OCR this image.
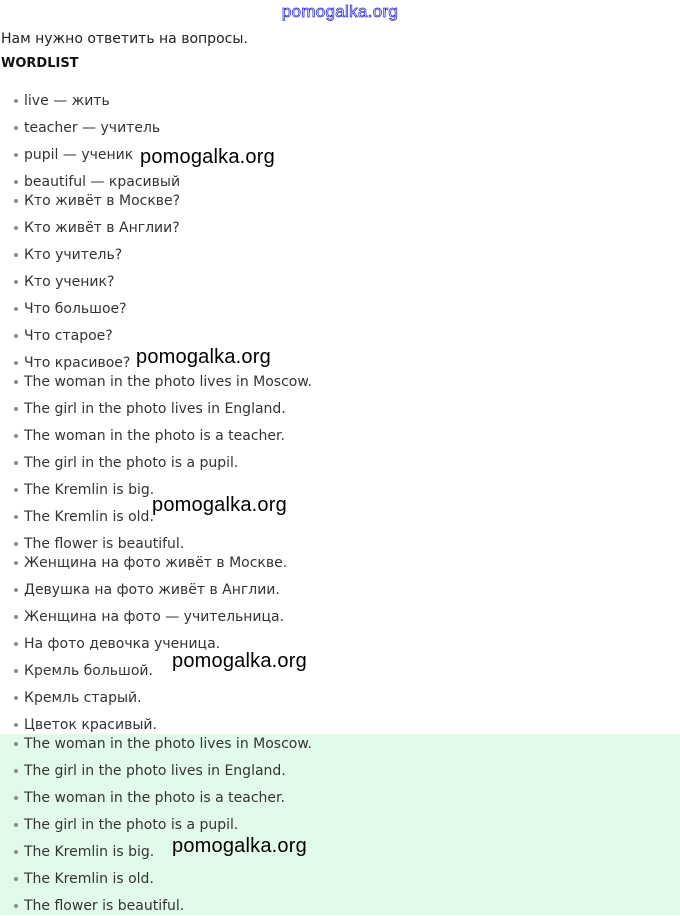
pomogalka.org
Нам нужно ответить на вопросы.
WORDLIST
live — жить
teacher — учитель
pupil — ученик
beautiful — красивый
Кто живёт в Москве?
Кто живёт в Англии?
Кто учитель?
Кто ученик?
Что большое?
Что старое?
Что красивое?
The woman in the photo lives in Moscow.
The girl in the photo lives in England.
The woman in the photo is a teacher.
The girl in the photo is a pupil.
The Kremlin is big.
The Kremlin is old.
The flower is beautiful.
Женщина на фото живёт в Москве.
Девушка на фото живёт в Англии.
Женщина на фото — учительница.
На фото девочка ученица.
Кремль большой.
Кремль старый.
Цветок красивый.
The woman in the photo lives in Moscow.
The girl in the photo lives in England.
The woman in the photo is a teacher.
The girl in the photo is a pupil.
The Kremlin is big.
The Kremlin is old.
The flower is beautiful.
pomogalka.org
pomogalka.org
pomogalka.org
pomogalka.org
pomogalka.org
